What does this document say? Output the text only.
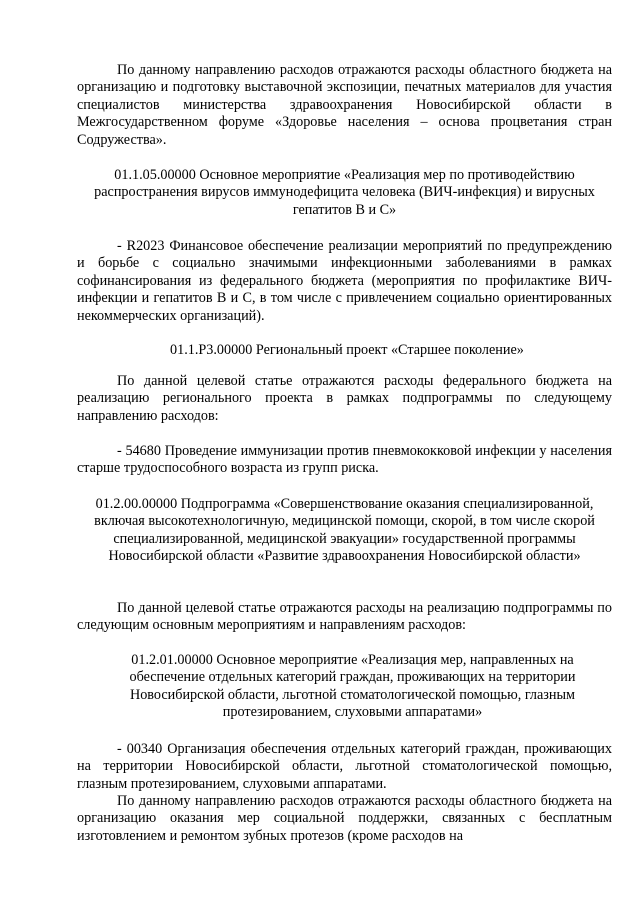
По данному направлению расходов отражаются расходы областного бюджета на организацию и подготовку выставочной экспозиции, печатных материалов для участия специалистов министерства здравоохранения Новосибирской области в Межгосударственном форуме «Здоровье населения – основа процветания стран Содружества».

01.1.05.00000 Основное мероприятие «Реализация мер по противодействию распространения вирусов иммунодефицита человека (ВИЧ-инфекция) и вирусных гепатитов В и С»

- R2023 Финансовое обеспечение реализации мероприятий по предупреждению и борьбе с социально значимыми инфекционными заболеваниями в рамках софинансирования из федерального бюджета (мероприятия по профилактике ВИЧ-инфекции и гепатитов В и С, в том числе с привлечением социально ориентированных некоммерческих организаций).

01.1.Р3.00000 Региональный проект «Старшее поколение»

По данной целевой статье отражаются расходы федерального бюджета на реализацию регионального проекта в рамках подпрограммы по следующему направлению расходов:

- 54680 Проведение иммунизации против пневмококковой инфекции у населения старше трудоспособного возраста из групп риска.

01.2.00.00000 Подпрограмма «Совершенствование оказания специализированной, включая высокотехнологичную, медицинской помощи, скорой, в том числе скорой специализированной, медицинской эвакуации» государственной программы Новосибирской области «Развитие здравоохранения Новосибирской области»

По данной целевой статье отражаются расходы на реализацию подпрограммы по следующим основным мероприятиям и направлениям расходов:

01.2.01.00000 Основное мероприятие «Реализация мер, направленных на обеспечение отдельных категорий граждан, проживающих на территории Новосибирской области, льготной стоматологической помощью, глазным протезированием, слуховыми аппаратами»

- 00340 Организация обеспечения отдельных категорий граждан, проживающих на территории Новосибирской области, льготной стоматологической помощью, глазным протезированием, слуховыми аппаратами.

По данному направлению расходов отражаются расходы областного бюджета на организацию оказания мер социальной поддержки, связанных с бесплатным изготовлением и ремонтом зубных протезов (кроме расходов на
